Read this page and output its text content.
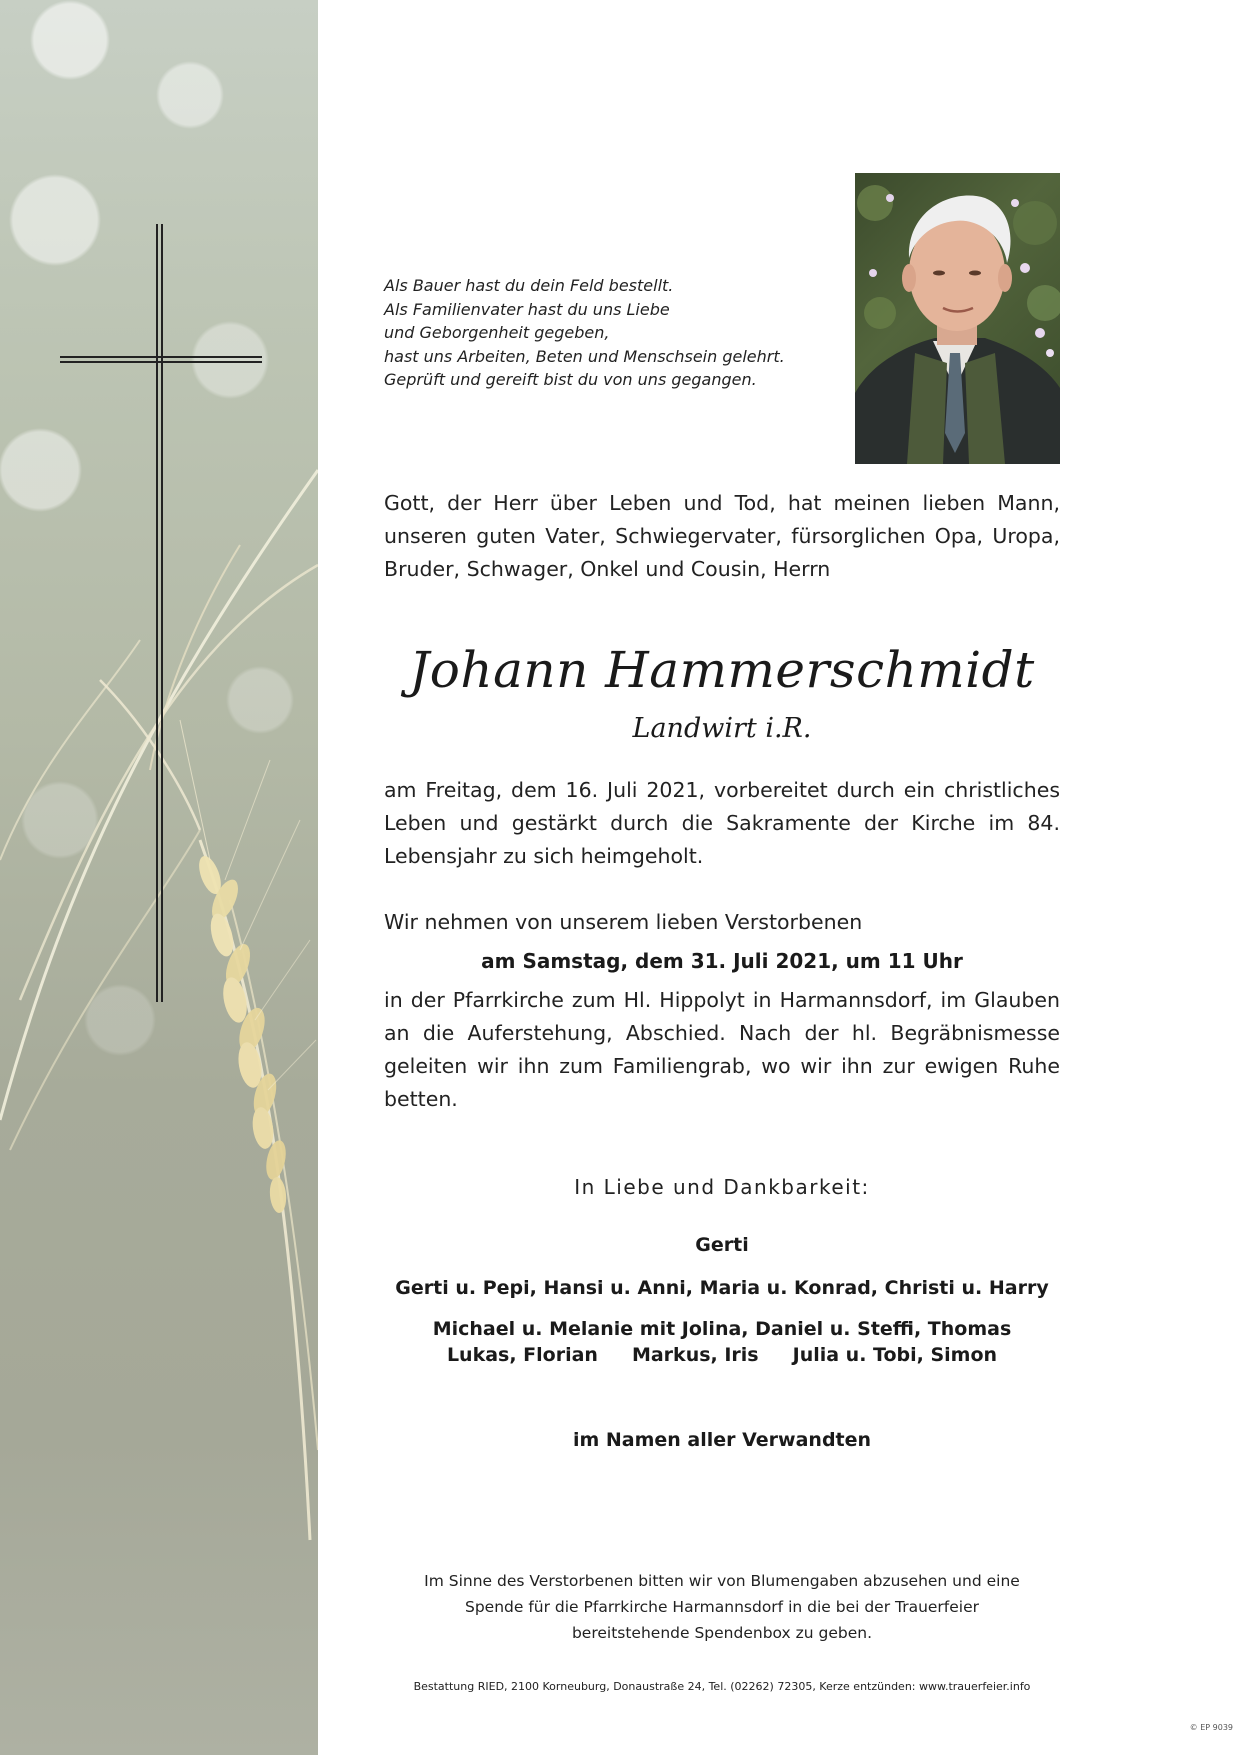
Als Bauer hast du dein Feld bestellt.
Als Familienvater hast du uns Liebe
und Geborgenheit gegeben,
hast uns Arbeiten, Beten und Menschsein gelehrt.
Geprüft und gereift bist du von uns gegangen.
Gott, der Herr über Leben und Tod, hat meinen lieben Mann, unseren guten Vater, Schwiegervater, fürsorglichen Opa, Uropa, Bruder, Schwager, Onkel und Cousin, Herrn
Johann Hammerschmidt
Landwirt i.R.
am Freitag, dem 16. Juli 2021, vorbereitet durch ein christliches Leben und gestärkt durch die Sakramente der Kirche im 84. Lebensjahr zu sich heimgeholt.
Wir nehmen von unserem lieben Verstorbenen
am Samstag, dem 31. Juli 2021, um 11 Uhr
in der Pfarrkirche zum Hl. Hippolyt in Harmannsdorf, im Glauben an die Auferstehung, Abschied. Nach der hl. Begräbnismesse geleiten wir ihn zum Familiengrab, wo wir ihn zur ewigen Ruhe betten.
In Liebe und Dankbarkeit:
Gerti
Gerti u. Pepi, Hansi u. Anni, Maria u. Konrad, Christi u. Harry
Michael u. Melanie mit Jolina, Daniel u. Steffi, Thomas
Lukas, Florian Markus, Iris Julia u. Tobi, Simon
im Namen aller Verwandten
Im Sinne des Verstorbenen bitten wir von Blumengaben abzusehen und eine
Spende für die Pfarrkirche Harmannsdorf in die bei der Trauerfeier
bereitstehende Spendenbox zu geben.
Bestattung RIED, 2100 Korneuburg, Donaustraße 24, Tel. (02262) 72305, Kerze entzünden: www.trauerfeier.info
© EP 9039
